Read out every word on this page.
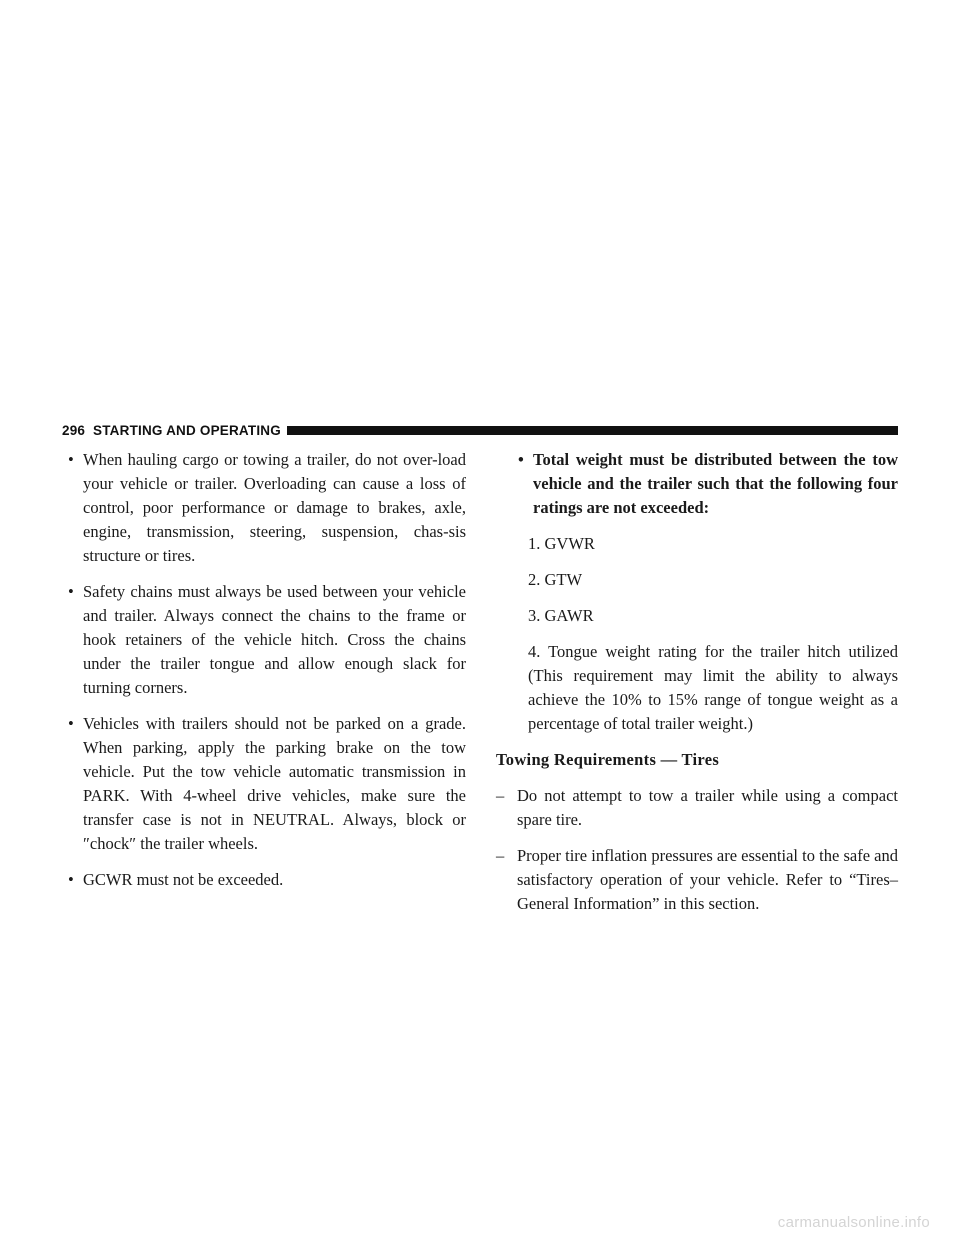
296 STARTING AND OPERATING

• When hauling cargo or towing a trailer, do not over-load your vehicle or trailer. Overloading can cause a loss of control, poor performance or damage to brakes, axle, engine, transmission, steering, suspension, chas-sis structure or tires.

• Safety chains must always be used between your vehicle and trailer. Always connect the chains to the frame or hook retainers of the vehicle hitch. Cross the chains under the trailer tongue and allow enough slack for turning corners.

• Vehicles with trailers should not be parked on a grade. When parking, apply the parking brake on the tow vehicle. Put the tow vehicle automatic transmission in PARK. With 4-wheel drive vehicles, make sure the transfer case is not in NEUTRAL. Always, block or ″chock″ the trailer wheels.

• GCWR must not be exceeded.

• Total weight must be distributed between the tow vehicle and the trailer such that the following four ratings are not exceeded:

1. GVWR

2. GTW

3. GAWR

4. Tongue weight rating for the trailer hitch utilized (This requirement may limit the ability to always achieve the 10% to 15% range of tongue weight as a percentage of total trailer weight.)

Towing Requirements — Tires

– Do not attempt to tow a trailer while using a compact spare tire.

– Proper tire inflation pressures are essential to the safe and satisfactory operation of your vehicle. Refer to “Tires–General Information” in this section.

carmanualsonline.info
